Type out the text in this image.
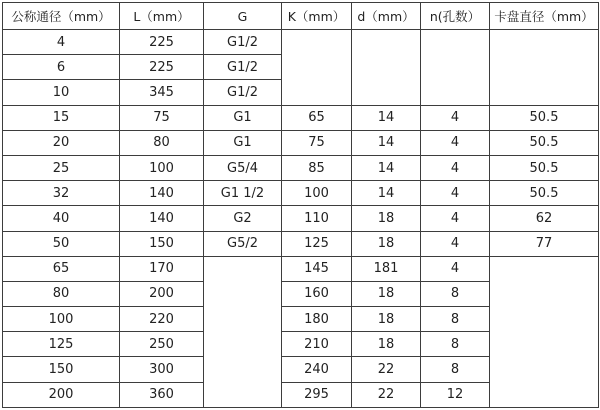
公称通径（mm）	L（mm）	G	K（mm）	d（mm）	n(孔数）	卡盘直径（mm）
4	225	G1/2				
6	225	G1/2				
10	345	G1/2				
15	75	G1	65	14	4	50.5
20	80	G1	75	14	4	50.5
25	100	G5/4	85	14	4	50.5
32	140	G1 1/2	100	14	4	50.5
40	140	G2	110	18	4	62
50	150	G5/2	125	18	4	77
65	170		145	181	4	
80	200		160	18	8	
100	220		180	18	8	
125	250		210	18	8	
150	300		240	22	8	
200	360		295	22	12	
